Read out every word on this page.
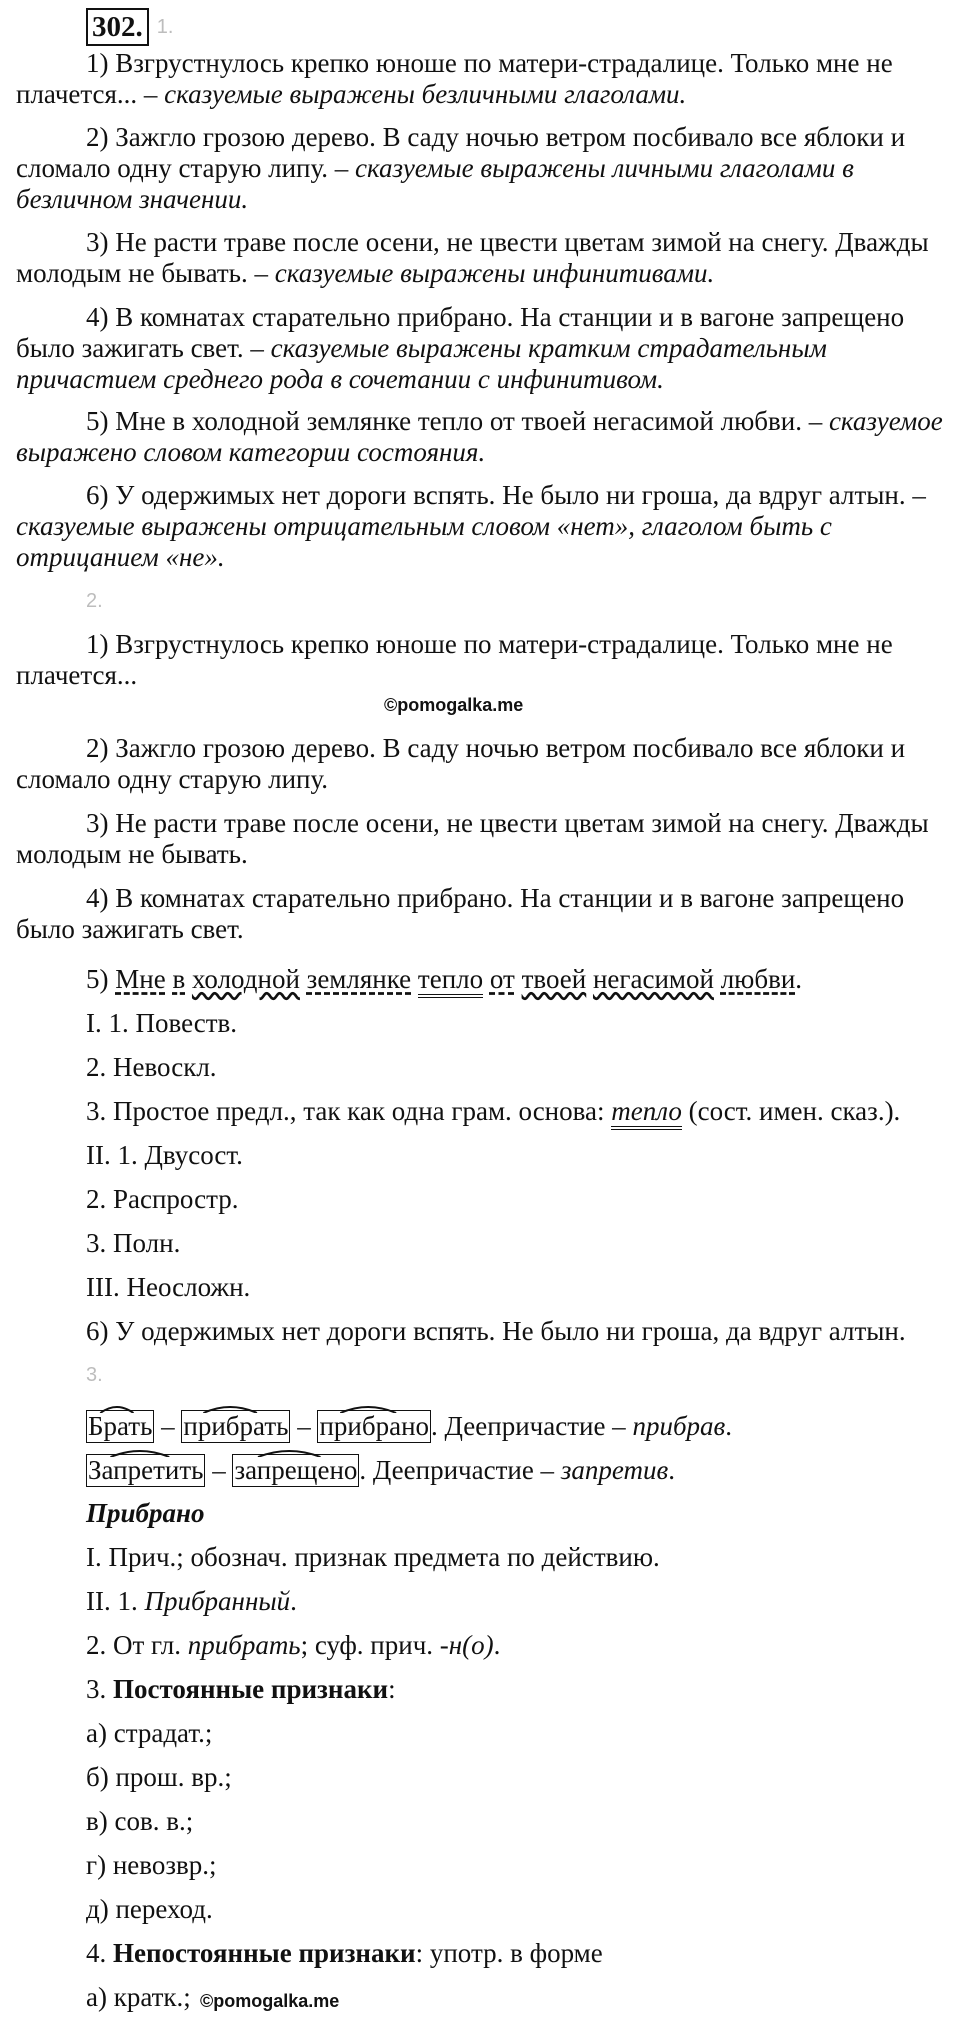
302. 1.
1) Взгрустнулось крепко юноше по матери-страдалице. Только мне не плачется... – сказуемые выражены безличными глаголами.
2) Зажгло грозою дерево. В саду ночью ветром посбивало все яблоки и сломало одну старую липу. – сказуемые выражены личными глаголами в безличном значении.
3) Не расти траве после осени, не цвести цветам зимой на снегу. Дважды молодым не бывать. – сказуемые выражены инфинитивами.
4) В комнатах старательно прибрано. На станции и в вагоне запрещено было зажигать свет. – сказуемые выражены кратким страдательным причастием среднего рода в сочетании с инфинитивом.
5) Мне в холодной землянке тепло от твоей негасимой любви. – сказуемое выражено словом категории состояния.
6) У одержимых нет дороги вспять. Не было ни гроша, да вдруг алтын. – сказуемые выражены отрицательным словом «нет», глаголом быть с отрицанием «не».
2.
1) Взгрустнулось крепко юноше по матери-страдалице. Только мне не плачется...
©pomogalka.me
2) Зажгло грозою дерево. В саду ночью ветром посбивало все яблоки и сломало одну старую липу.
3) Не расти траве после осени, не цвести цветам зимой на снегу. Дважды молодым не бывать.
4) В комнатах старательно прибрано. На станции и в вагоне запрещено было зажигать свет.
5) Мне в холодной землянке тепло от твоей негасимой любви.
I. 1. Повеств.
2. Невоскл.
3. Простое предл., так как одна грам. основа: тепло (сост. имен. сказ.).
II. 1. Двусост.
2. Распростр.
3. Полн.
III. Неосложн.
6) У одержимых нет дороги вспять. Не было ни гроша, да вдруг алтын.
3.
Брать
– прибрать
– прибрано
. Деепричастие – прибрав.
Запретить
– запрещено
. Деепричастие – запретив.
Прибрано
I. Прич.; обознач. признак предмета по действию.
II. 1. Прибранный.
2. От гл. прибрать; суф. прич. -н(о).
3. Постоянные признаки:
а) страдат.;
б) прош. вр.;
в) сов. в.;
г) невозвр.;
д) переход.
4. Непостоянные признаки: употр. в форме
а) кратк.; ©pomogalka.me
